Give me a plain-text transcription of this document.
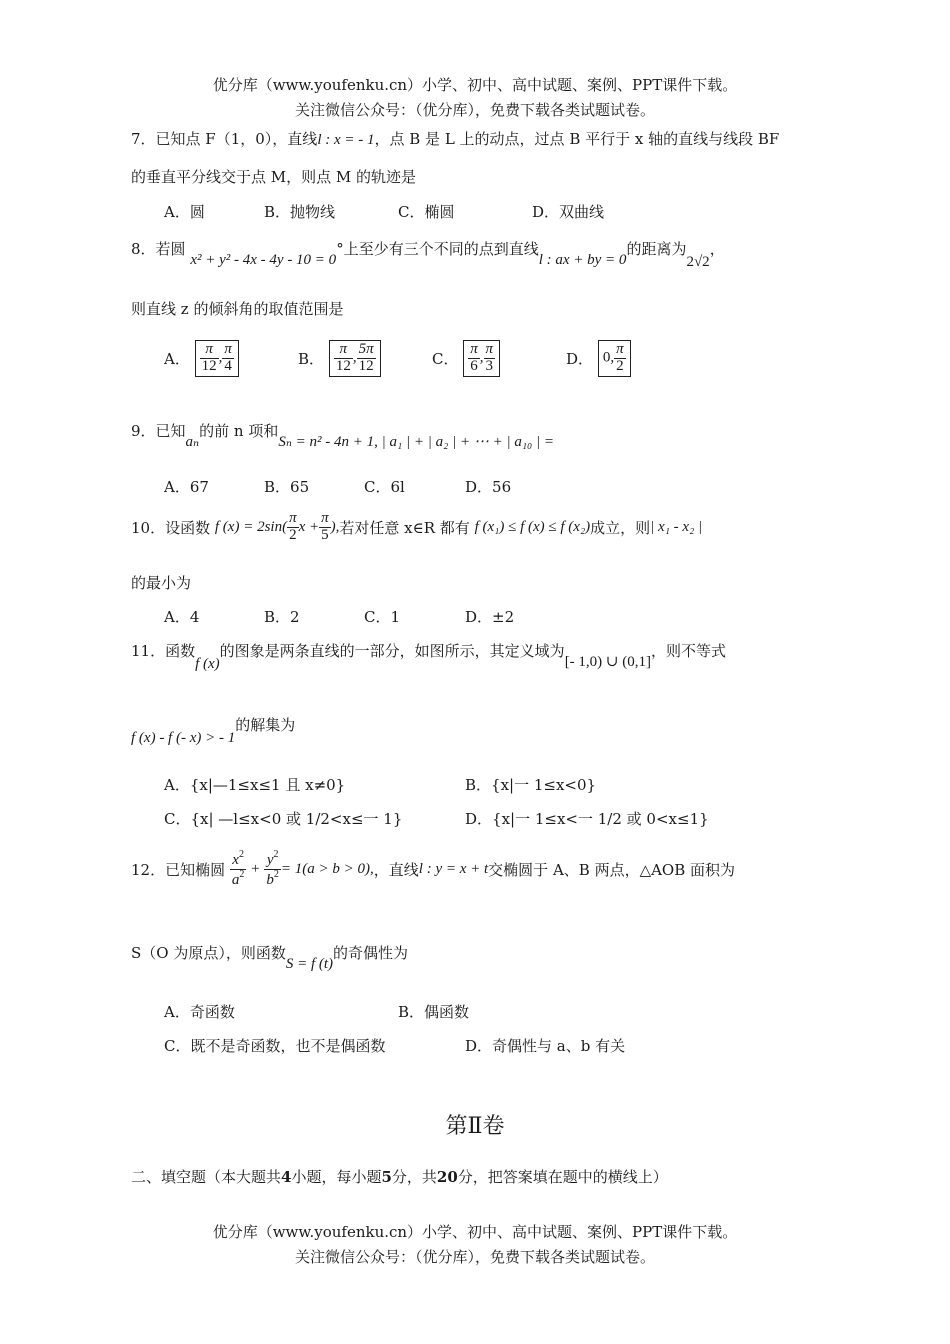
优分库（www.youfenku.cn）小学、初中、高中试题、案例、PPT课件下载。
关注微信公众号：（优分库），免费下载各类试题试卷。
7．已知点 F（1，0），直线l : x = - 1，点 B 是 L 上的动点，过点 B 平行于 x 轴的直线与线段 BF
的垂直平分线交于点 M，则点 M 的轨迹是
A．圆	B．抛物线	C．椭圆	D．双曲线
8．若圆 x² + y² - 4x - 4y - 10 = 0°上至少有三个不同的点到直线l : ax + by = 0的距离为2√2，
则直线 z 的倾斜角的取值范围是
A． $\frac{\pi}{12}$ , $\frac{\pi}{4}$	B． $\frac{\pi}{12}$ , $\frac{5\pi}{12}$	C． $\frac{\pi}{6}$ , $\frac{\pi}{3}$	D． 0, $\frac{\pi}{2}$
9．已知aₙ的前 n 项和Sₙ = n² - 4n + 1, | a₁ | + | a₂ | + ⋯ + | a₁₀ | =
A．67	B．65	C．6l	D．56
10．设函数 f $(x) = 2\sin( \frac{\pi}{2}$ $x + \frac{\pi}{5}$ ),若对任意 x∈R 都有 f (x₁) ≤ f (x) ≤ f (x₂)成立，则| x₁ - x₂ |
的最小为
A．4	B．2	C．1	D．±2
11．函数f (x)的图象是两条直线的一部分，如图所示，其定义域为[- 1,0) ∪ (0,1]，则不等式
f (x) - f (- x) > - 1的解集为
A．{x|—1≤x≤1 且 x≠0}	B．{x|一 1≤x<0}
C．{x| —l≤x<0 或 1/2<x≤一 1}	D．{x|一 1≤x<一 1/2 或 0<x≤1}
12．已知椭圆 $\frac{x^2}{a^2} + \frac{y^2}{b^2} = 1(a > b > 0)$,，直线l : y = x + t交椭圆于 A、B 两点，△AOB 面积为
S（O 为原点），则函数S = f (t)的奇偶性为
A．奇函数	B．偶函数
C．既不是奇函数，也不是偶函数	D．奇偶性与 a、b 有关
第Ⅱ卷
二、填空题（本大题共4小题，每小题5分，共20分，把答案填在题中的横线上）
优分库（www.youfenku.cn）小学、初中、高中试题、案例、PPT课件下载。
关注微信公众号：（优分库），免费下载各类试题试卷。
